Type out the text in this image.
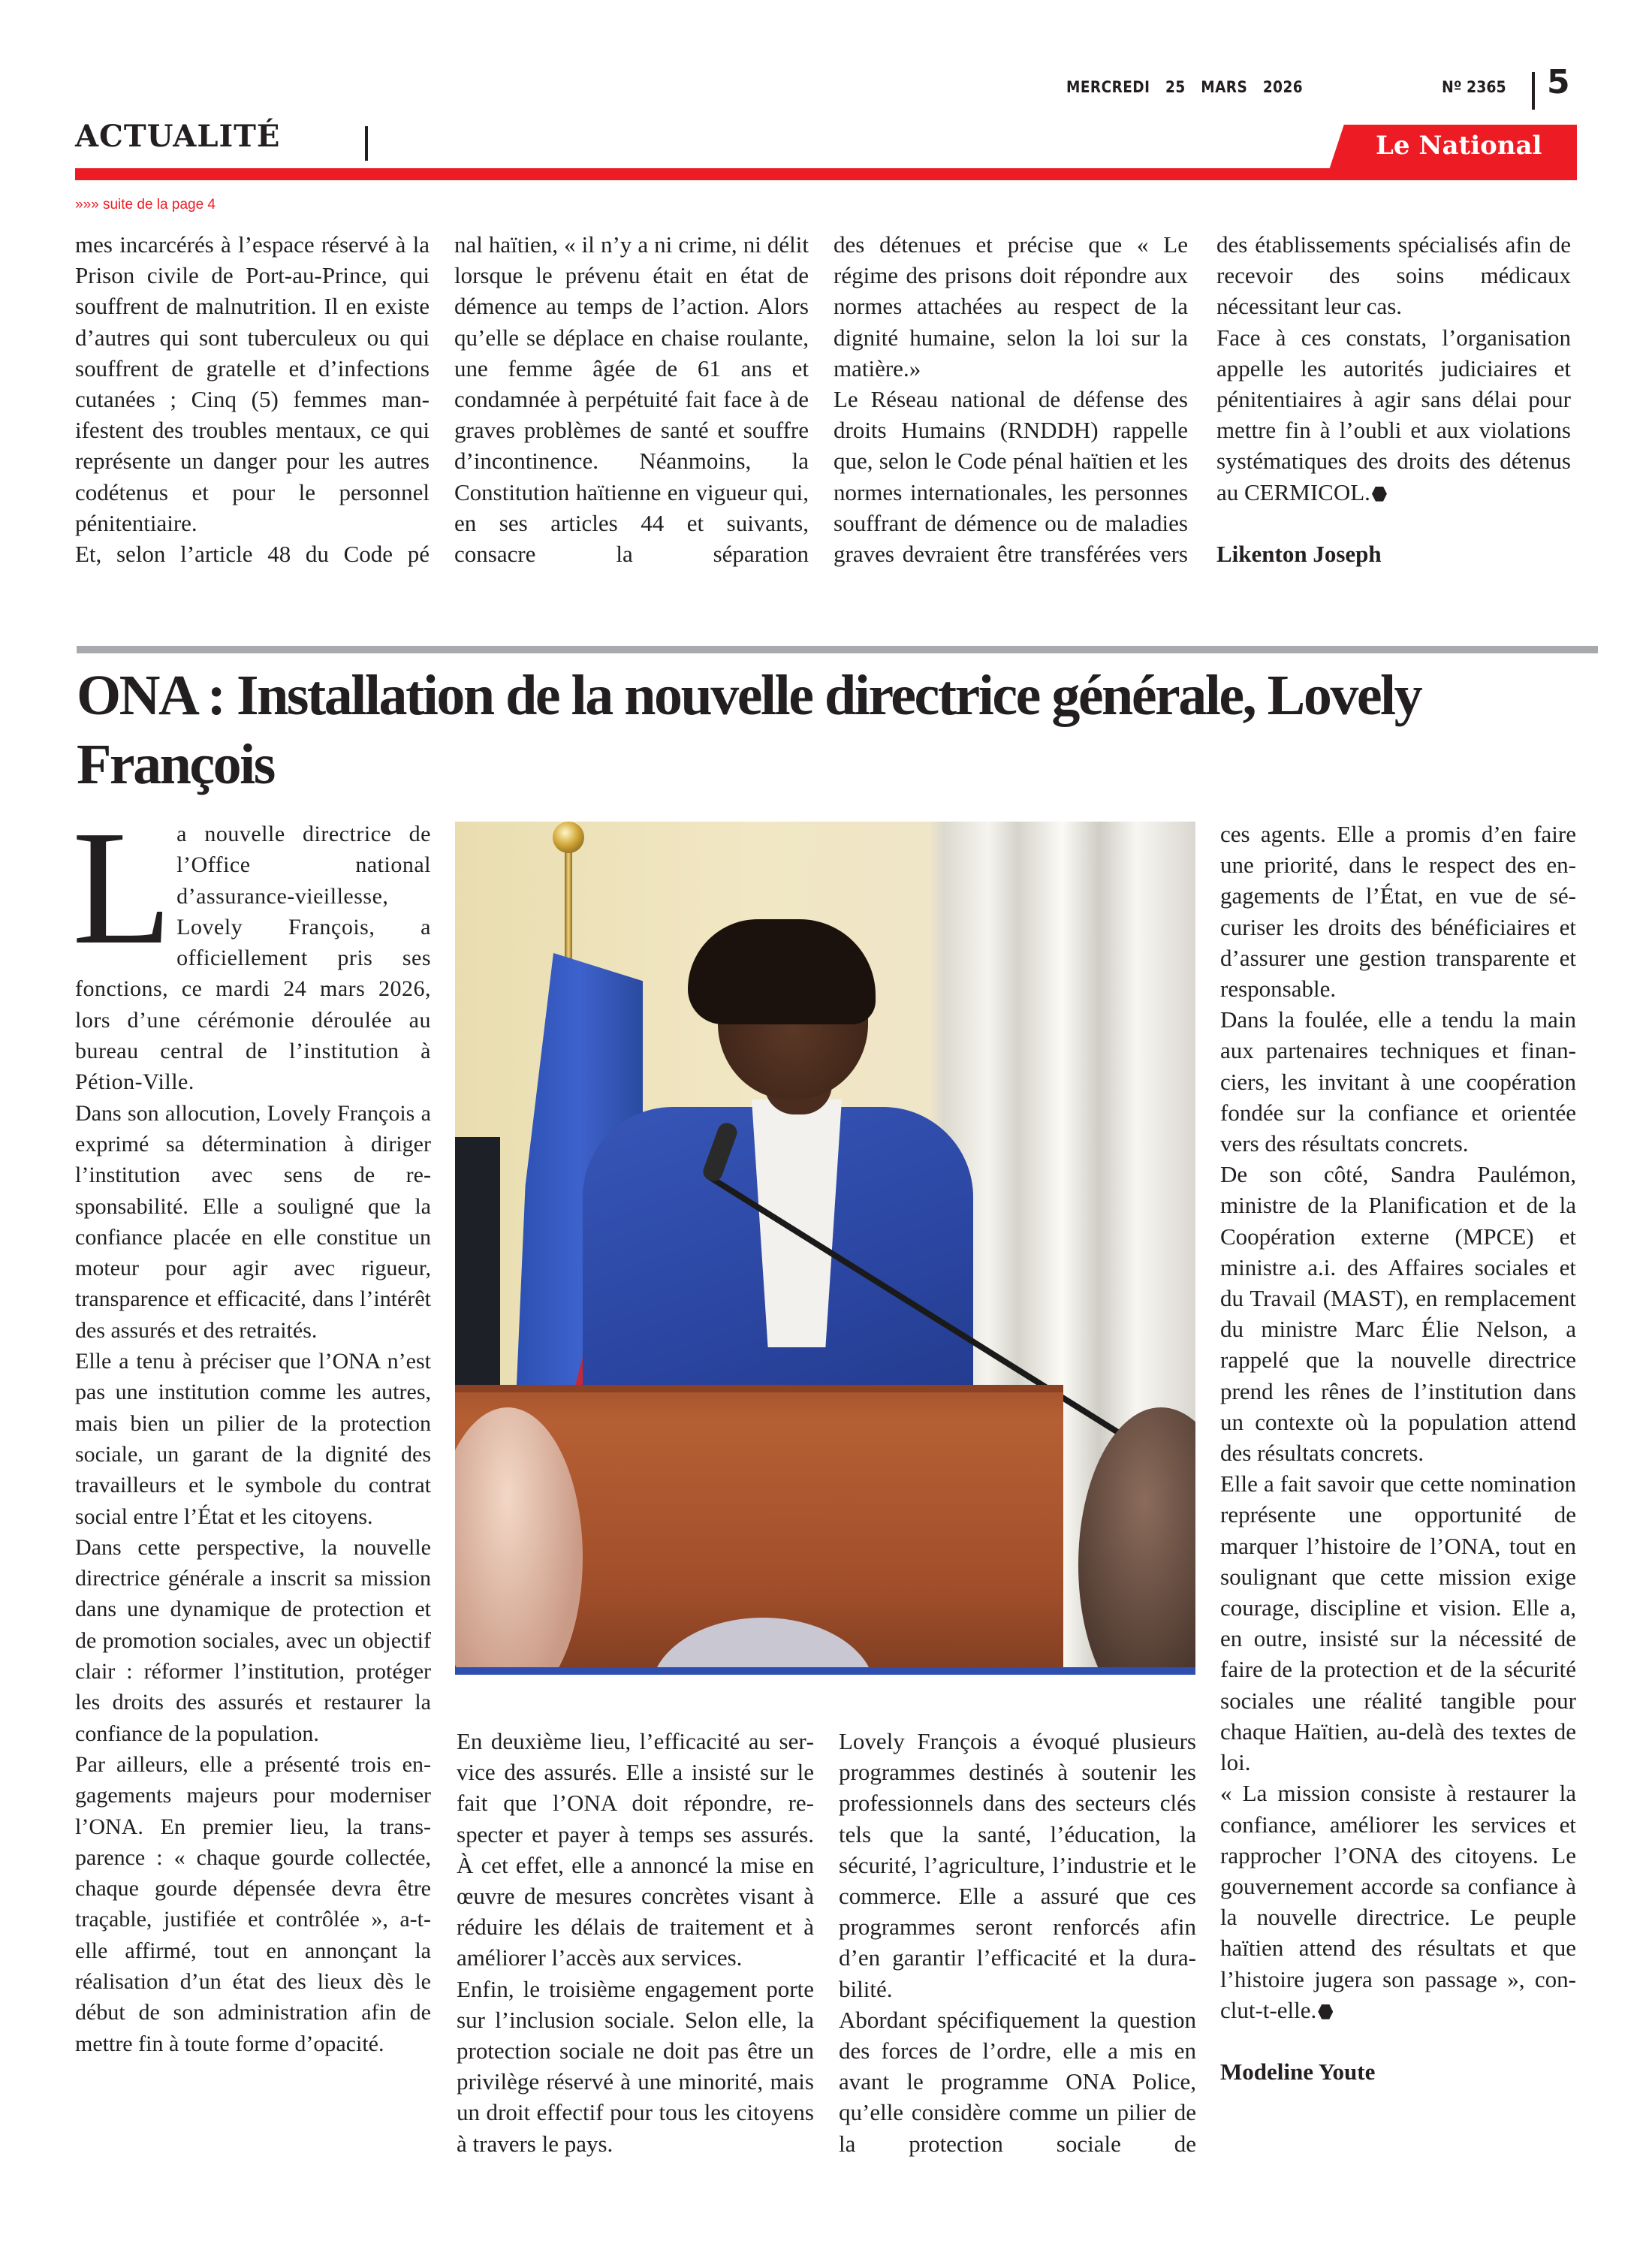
MERCREDI   25   MARS   2026	Nº 2365 5
ACTUALITÉ	Le National
»»» suite de la page 4

mes incarcérés à l’espace réservé à la Prison civile de Port-au-Prince, qui souffrent de malnutrition. Il en existe d’autres qui sont tuberculeux ou qui souffrent de gratelle et d’infections cutanées ; Cinq (5) femmes manifestent des troubles mentaux, ce qui représente un danger pour les autres codétenus et pour le personnel pénitentiaire.

Et, selon l’article 48 du Code pé

nal haïtien, « il n’y a ni crime, ni délit lorsque le prévenu était en état de démence au temps de l’action. Alors qu’elle se déplace en chaise roulante, une femme âgée de 61 ans et condamnée à perpétuité fait face à de graves problèmes de santé et souffre d’incontinence. Néanmoins, la Constitution haïtienne en vigueur qui, en ses articles 44 et suivants, consacre la séparation

des détenues et précise que « Le régime des prisons doit répondre aux normes attachées au respect de la dignité humaine, selon la loi sur la matière.»

Le Réseau national de défense des droits Humains (RNDDH) rappelle que, selon le Code pénal haïtien et les normes internationales, les personnes souffrant de démence ou de maladies graves devraient être transférées vers

des établissements spécialisés afin de recevoir des soins médicaux nécessitant leur cas.

Face à ces constats, l’organisation appelle les autorités judiciaires et pénitentiaires à agir sans délai pour mettre fin à l’oubli et aux violations systématiques des droits des détenus au CERMICOL.

Likenton Joseph

ONA : Installation de la nouvelle directrice générale, Lovely François

La nouvelle directrice de l’Office national d’assurance-vieillesse, Lovely François, a officiellement pris ses fonctions, ce mardi 24 mars 2026, lors d’une cérémonie déroulée au bureau central de l’institution à Pétion-Ville.

Dans son allocution, Lovely François a exprimé sa détermination à diriger l’institution avec sens de responsabilité. Elle a souligné que la confiance placée en elle constitue un moteur pour agir avec rigueur, transparence et efficacité, dans l’intérêt des assurés et des retraités.

Elle a tenu à préciser que l’ONA n’est pas une institution comme les autres, mais bien un pilier de la protection sociale, un garant de la dignité des travailleurs et le symbole du contrat social entre l’État et les citoyens.

Dans cette perspective, la nouvelle directrice générale a inscrit sa mission dans une dynamique de protection et de promotion sociales, avec un objectif clair : réformer l’institution, protéger les droits des assurés et restaurer la confiance de la population.

Par ailleurs, elle a présenté trois engagements majeurs pour moderniser l’ONA. En premier lieu, la transparence : « chaque gourde collectée, chaque gourde dépensée devra être traçable, justifiée et contrôlée », a-t-elle affirmé, tout en annonçant la réalisation d’un état des lieux dès le début de son administration afin de mettre fin à toute forme d’opacité.

En deuxième lieu, l’efficacité au service des assurés. Elle a insisté sur le fait que l’ONA doit répondre, respecter et payer à temps ses assurés. À cet effet, elle a annoncé la mise en œuvre de mesures concrètes visant à réduire les délais de traitement et à améliorer l’accès aux services.

Enfin, le troisième engagement porte sur l’inclusion sociale. Selon elle, la protection sociale ne doit pas être un privilège réservé à une minorité, mais un droit effectif pour tous les citoyens à travers le pays.

Lovely François a évoqué plusieurs programmes destinés à soutenir les professionnels dans des secteurs clés tels que la santé, l’éducation, la sécurité, l’agriculture, l’industrie et le commerce. Elle a assuré que ces programmes seront renforcés afin d’en garantir l’efficacité et la durabilité.

Abordant spécifiquement la question des forces de l’ordre, elle a mis en avant le programme ONA Police, qu’elle considère comme un pilier de la protection sociale de

ces agents. Elle a promis d’en faire une priorité, dans le respect des engagements de l’État, en vue de sécuriser les droits des bénéficiaires et d’assurer une gestion transparente et responsable.

Dans la foulée, elle a tendu la main aux partenaires techniques et financiers, les invitant à une coopération fondée sur la confiance et orientée vers des résultats concrets.

De son côté, Sandra Paulémon, ministre de la Planification et de la Coopération externe (MPCE) et ministre a.i. des Affaires sociales et du Travail (MAST), en remplacement du ministre Marc Élie Nelson, a rappelé que la nouvelle directrice prend les rênes de l’institution dans un contexte où la population attend des résultats concrets.

Elle a fait savoir que cette nomination représente une opportunité de marquer l’histoire de l’ONA, tout en soulignant que cette mission exige courage, discipline et vision. Elle a, en outre, insisté sur la nécessité de faire de la protection et de la sécurité sociales une réalité tangible pour chaque Haïtien, au-delà des textes de loi.

« La mission consiste à restaurer la confiance, améliorer les services et rapprocher l’ONA des citoyens. Le gouvernement accorde sa confiance à la nouvelle directrice. Le peuple haïtien attend des résultats et que l’histoire jugera son passage », conclut-t-elle.

Modeline Youte
